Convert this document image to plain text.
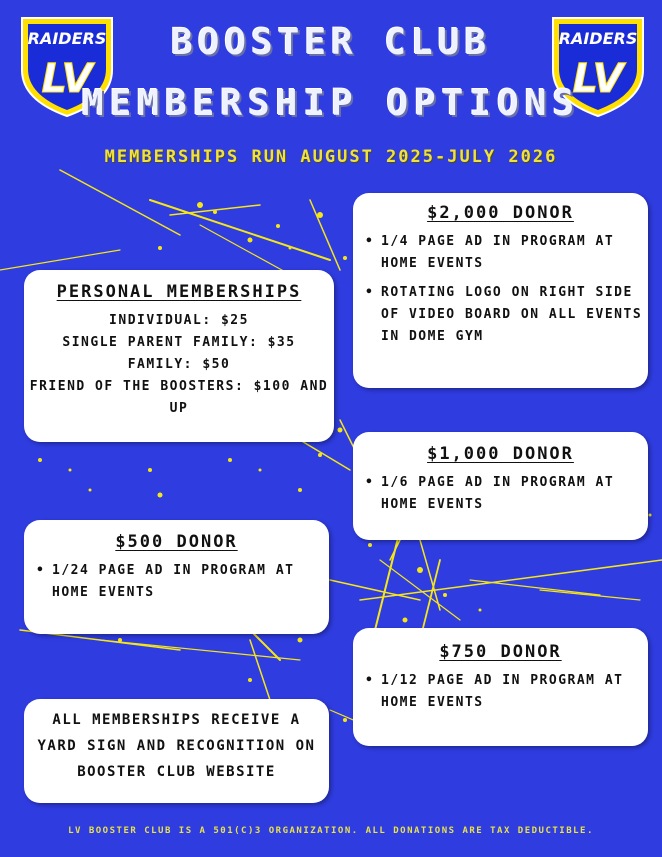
RAIDERS
LV
RAIDERS
LV
BOOSTER CLUB
MEMBERSHIP OPTIONS
MEMBERSHIPS RUN AUGUST 2025-JULY 2026
$2,000 DONOR
• 1/4 PAGE AD IN PROGRAM AT HOME EVENTS
• ROTATING LOGO ON RIGHT SIDE OF VIDEO BOARD ON ALL EVENTS IN DOME GYM
PERSONAL MEMBERSHIPS
INDIVIDUAL: $25
SINGLE PARENT FAMILY: $35
FAMILY: $50
FRIEND OF THE BOOSTERS: $100 AND UP
$1,000 DONOR
• 1/6 PAGE AD IN PROGRAM AT HOME EVENTS
$500 DONOR
• 1/24 PAGE AD IN PROGRAM AT HOME EVENTS
$750 DONOR
• 1/12 PAGE AD IN PROGRAM AT HOME EVENTS
ALL MEMBERSHIPS RECEIVE A YARD SIGN AND RECOGNITION ON BOOSTER CLUB WEBSITE
LV BOOSTER CLUB IS A 501(C)3 ORGANIZATION. ALL DONATIONS ARE TAX DEDUCTIBLE.
